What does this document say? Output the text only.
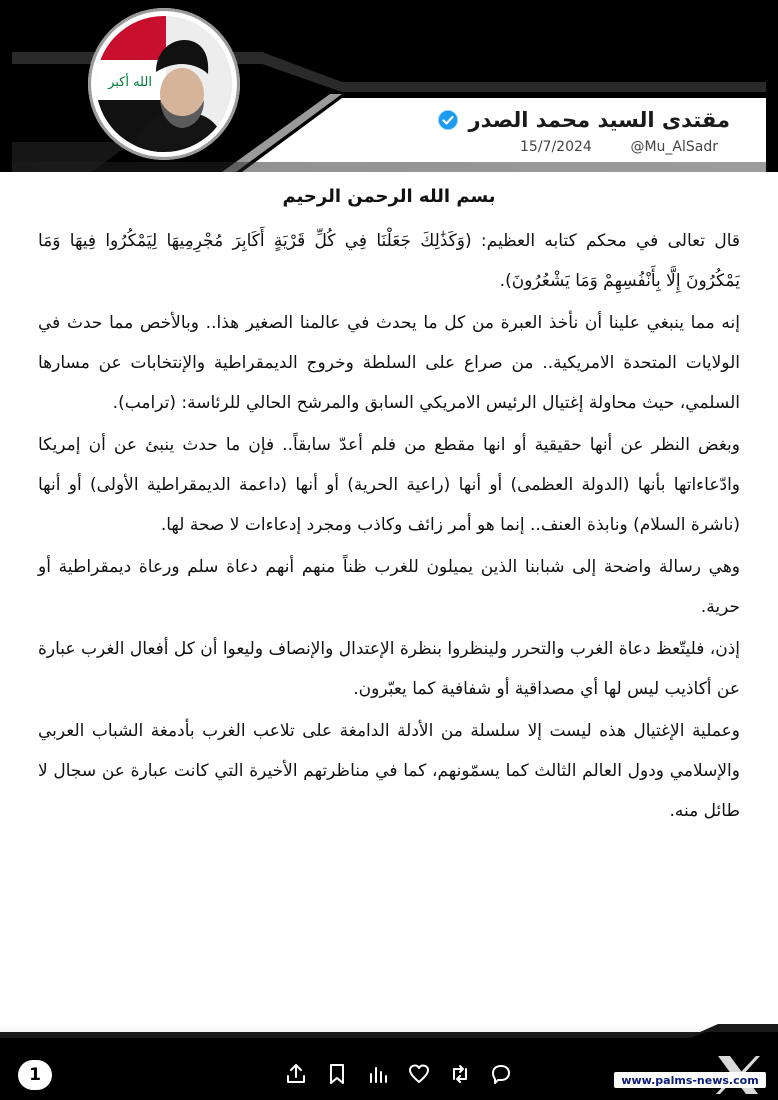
الله أكبر
مقتدى السيد محمد الصدر
15/7/2024	@Mu_AlSadr
بسم الله الرحمن الرحيم

قال تعالى في محكم كتابه العظيم: (وَكَذَٰلِكَ جَعَلْنَا فِي كُلِّ قَرْيَةٍ أَكَابِرَ مُجْرِمِيهَا لِيَمْكُرُوا فِيهَا وَمَا يَمْكُرُونَ إِلَّا بِأَنْفُسِهِمْ وَمَا يَشْعُرُونَ).

إنه مما ينبغي علينا أن نأخذ العبرة من كل ما يحدث في عالمنا الصغير هذا.. وبالأخص مما حدث في الولايات المتحدة الامريكية.. من صراع على السلطة وخروج الديمقراطية والإنتخابات عن مسارها السلمي، حيث محاولة إغتيال الرئيس الامريكي السابق والمرشح الحالي للرئاسة: (ترامب).

وبغض النظر عن أنها حقيقية أو انها مقطع من فلم أعدّ سابقاً.. فإن ما حدث ينبئ عن أن إمريكا وادّعاءاتها بأنها (الدولة العظمى) أو أنها (راعية الحرية) أو أنها (داعمة الديمقراطية الأولى) أو أنها (ناشرة السلام) ونابذة العنف.. إنما هو أمر زائف وكاذب ومجرد إدعاءات لا صحة لها.

وهي رسالة واضحة إلى شبابنا الذين يميلون للغرب ظناً منهم أنهم دعاة سلم ورعاة ديمقراطية أو حرية.

إذن، فليتّعظ دعاة الغرب والتحرر ولينظروا بنظرة الإعتدال والإنصاف وليعوا أن كل أفعال الغرب عبارة عن أكاذيب ليس لها أي مصداقية أو شفافية كما يعبّرون.

وعملية الإغتيال هذه ليست إلا سلسلة من الأدلة الدامغة على تلاعب الغرب بأدمغة الشباب العربي والإسلامي ودول العالم الثالث كما يسمّونهم، كما في مناظرتهم الأخيرة التي كانت عبارة عن سجال لا طائل منه.

1	www.palms-news.com
